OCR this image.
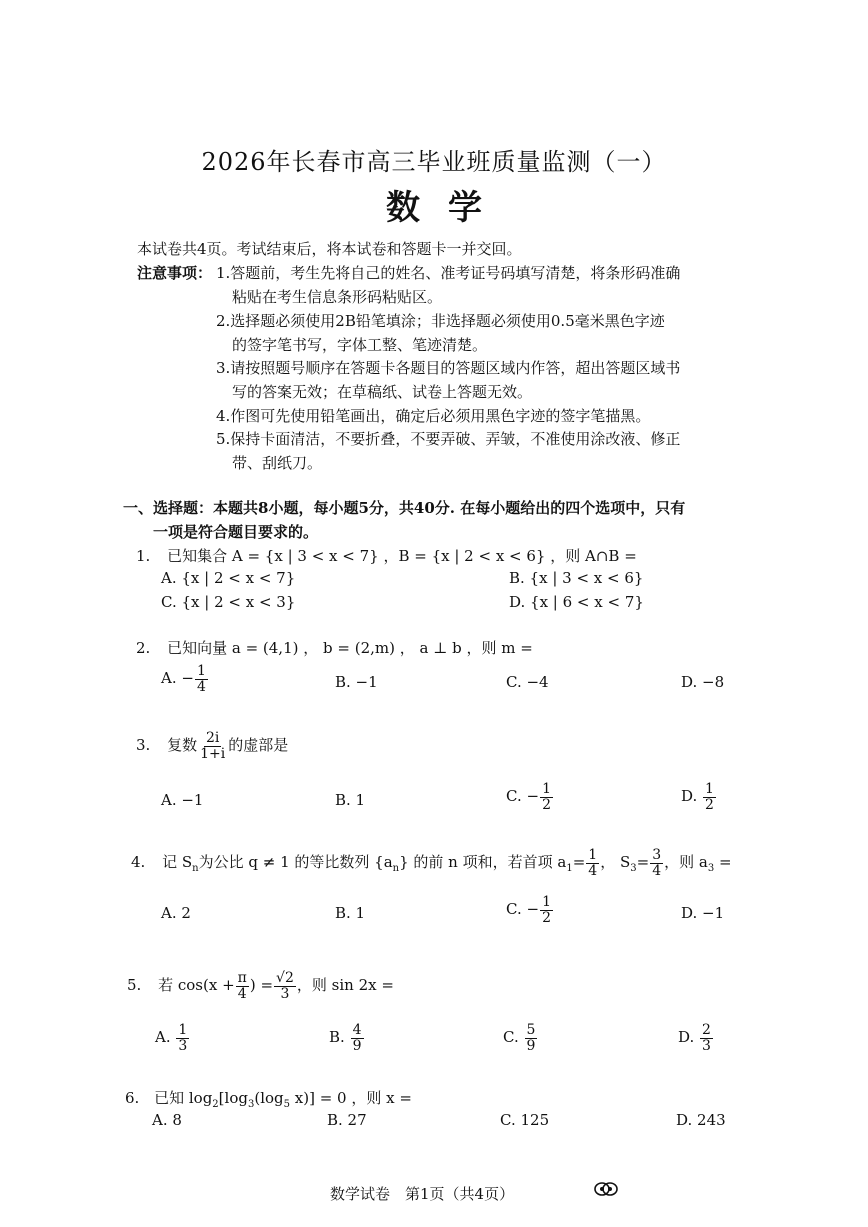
2026年长春市高三毕业班质量监测（一）
数学
本试卷共4页。考试结束后，将本试卷和答题卡一并交回。
注意事项： 1.答题前，考生先将自己的姓名、准考证号码填写清楚，将条形码准确
粘贴在考生信息条形码粘贴区。
2.选择题必须使用2B铅笔填涂；非选择题必须使用0.5毫米黑色字迹
的签字笔书写，字体工整、笔迹清楚。
3.请按照题号顺序在答题卡各题目的答题区域内作答，超出答题区域书
写的答案无效；在草稿纸、试卷上答题无效。
4.作图可先使用铅笔画出，确定后必须用黑色字迹的签字笔描黑。
5.保持卡面清洁，不要折叠，不要弄破、弄皱，不准使用涂改液、修正
带、刮纸刀。
一、选择题：本题共8小题，每小题5分，共40分. 在每小题给出的四个选项中，只有
一项是符合题目要求的。
1. 已知集合 A = {x | 3 < x < 7} ，B = {x | 2 < x < 6} ，则 A∩B =
A. {x | 2 < x < 7}	B. {x | 3 < x < 6}
C. {x | 2 < x < 3}	D. {x | 6 < x < 7}
2. 已知向量 a = (4,1) ， b = (2,m) ， a ⊥ b ，则 m =
A. − $\frac{1}{4}$	B. −1	C. −4	D. −8
3. 复数 $\frac{2i}{1+i}$ 的虚部是
A. −1	B. 1	C. − $\frac{1}{2}$	D. $\frac{1}{2}$
4. 记 $S_n$为公比 q ≠ 1 的等比数列 $\{a_n\}$ 的前 n 项和，若首项 $a_1= \frac{1}{4}$ ， $S_3= \frac{3}{4}$ ，则 $a_3$ =
A. 2	B. 1	C. − $\frac{1}{2}$	D. −1
5. 若 $\cos(x + \frac{\pi}{4}$ ) = $\frac{√2}{3}$ ，则 sin 2x =
A. $\frac{1}{3}$	B. $\frac{4}{9}$	C. $\frac{5}{9}$	D. $\frac{2}{3}$
6. 已知 $\log_2[\log_3(\log_5$ x)] = 0 ，则 x =
A. 8	B. 27	C. 125	D. 243
数学试卷　第1页（共4页）
